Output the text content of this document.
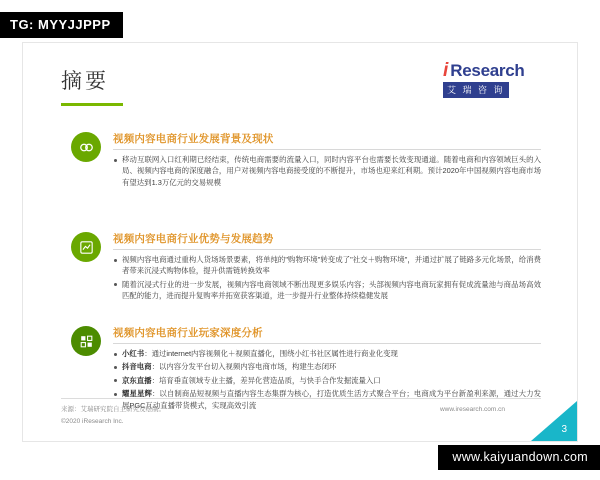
TG: MYYJJPPP
摘要	i Research
艾 瑞 咨 询
视频内容电商行业发展背景及现状
移动互联网入口红利期已经结束，传统电商需要的流量入口，同时内容平台也需要长效变现通道。随着电商和内容领域巨头的入局、视频内容电商的深度融合，用户对视频内容电商接受度的不断提升，市场也迎来红利期。预计2020年中国视频内容电商市场有望达到1.3万亿元的交易规模
视频内容电商行业优势与发展趋势
视频内容电商通过重构人货场场景要素，将单纯的"购物环境"转变成了"社交＋购物环境"，并通过扩展了链路多元化场景，给消费者带来沉浸式购物体验，提升供需链转换效率
随着沉浸式行业的进一步发展，视频内容电商领域不断出现更多娱乐内容；头部视频内容电商玩家拥有促成流量池与商品场高效匹配的能力，进而提升复购率并拓宽获客渠道，进一步提升行业整体持续稳健发展
视频内容电商行业玩家深度分析
小红书：通过internet内容视频化＋视频直播化，围绕小红书社区属性进行商业化变现
抖音电商：以内容分发平台切入视频内容电商市场，构建生态闭环
京东直播：培育垂直领域专业主播，差异化营造品质，与快手合作发掘流量入口
耀星星辉：以自制商品短视频与直播内容生态集群为核心，打造优质生活方式聚合平台；电商成为平台新盈利来源，通过大力发展PGC互动直播带货模式，实现高效引流
来源：艾瑞研究院自主研究及绘制。
©2020 iResearch Inc.
www.iresearch.com.cn
3
www.kaiyuandown.com
